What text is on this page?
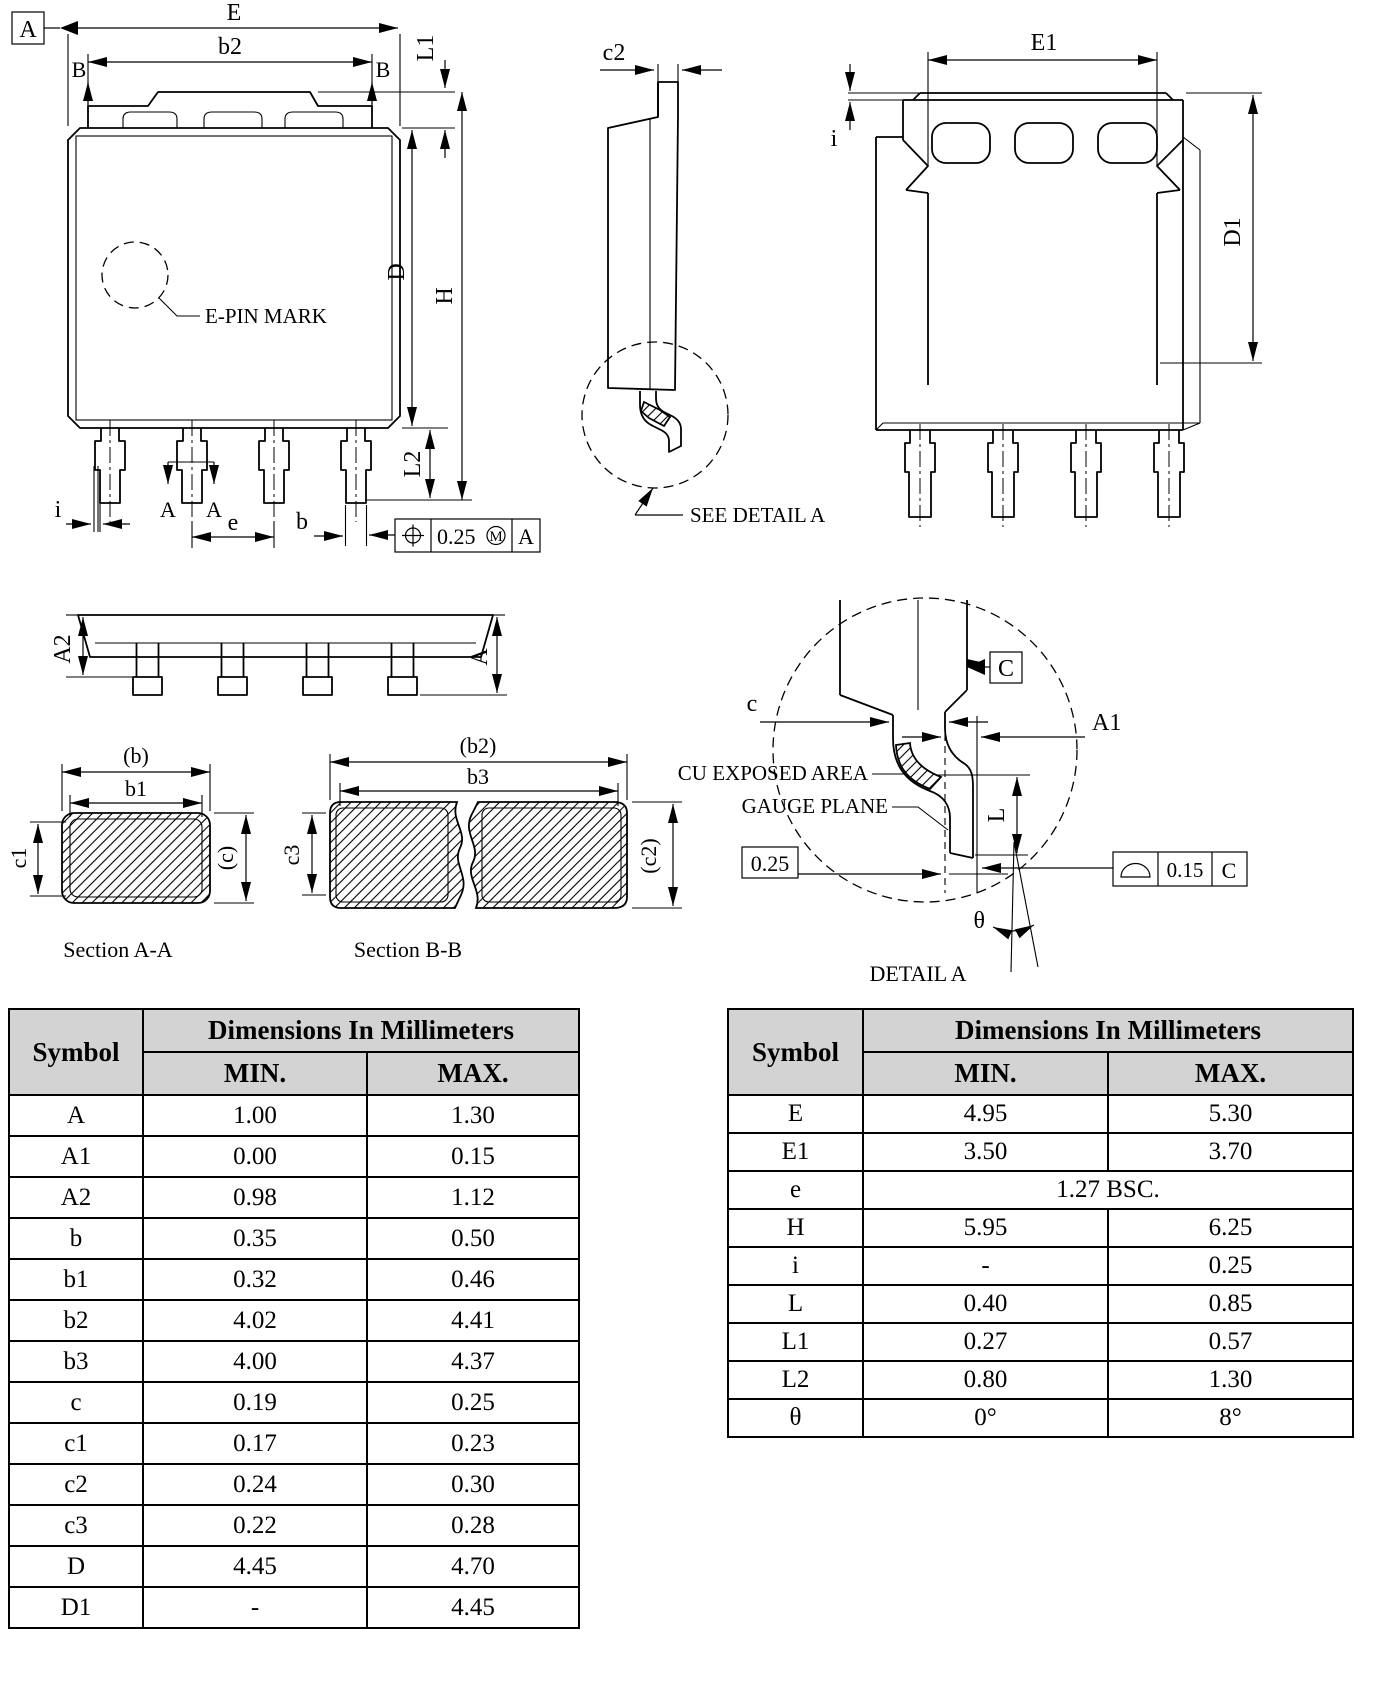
A
E
b2
B	B
E-PIN MARK
L1
D
L2
H
i	A A
e b
0.25 M A
c2
SEE DETAIL A
E1
i
D1
A2	A
(b)
b1
c1	(c)
Section A-A
(b2)
b3
c3	(c2)
Section B-B
C
c
A1
CU EXPOSED AREA
GAUGE PLANE
0.25
L
θ
0.15 C
DETAIL A
Symbol	Dimensions In Millimeters	
	MIN.	MAX.
A	1.00	1.30
A1	0.00	0.15
A2	0.98	1.12
b	0.35	0.50
b1	0.32	0.46
b2	4.02	4.41
b3	4.00	4.37
c	0.19	0.25
c1	0.17	0.23
c2	0.24	0.30
c3	0.22	0.28
D	4.45	4.70
D1	-	4.45
Symbol	Dimensions In Millimeters	
	MIN.	MAX.
E	4.95	5.30
E1	3.50	3.70
e	1.27 BSC.	
H	5.95	6.25
i	-	0.25
L	0.40	0.85
L1	0.27	0.57
L2	0.80	1.30
θ	0°	8°
